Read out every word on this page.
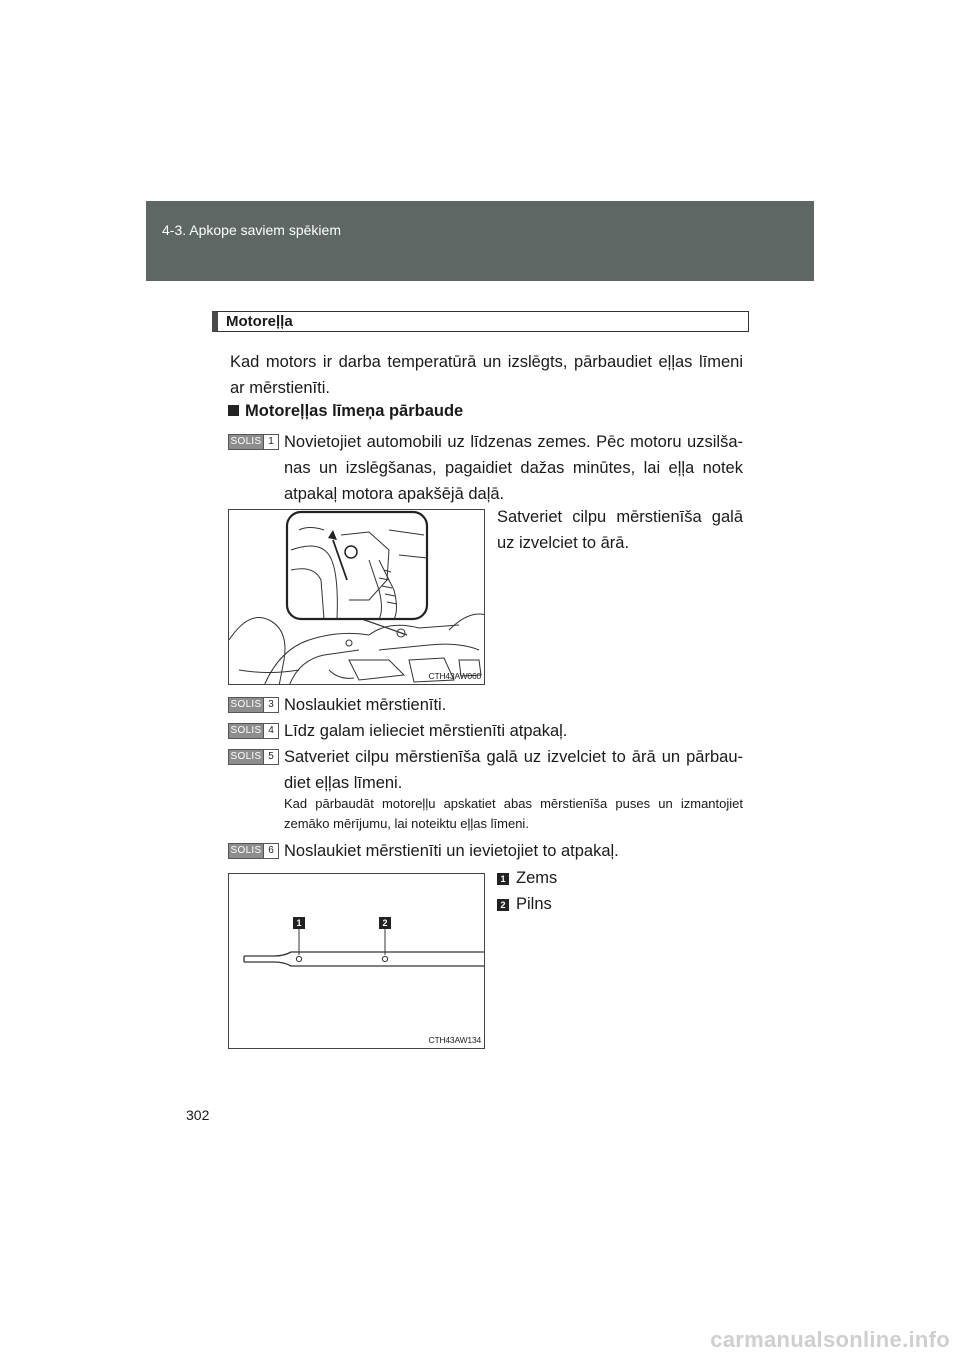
4-3. Apkope saviem spēkiem
Motoreļļa
Kad motors ir darba temperatūrā un izslēgts, pārbaudiet eļļas līmeni ar mērstienīti.
Motoreļļas līmeņa pārbaude
SOLIS 1 Novietojiet automobili uz līdzenas zemes. Pēc motoru uzsilšanas un izslēgšanas, pagaidiet dažas minūtes, lai eļļa notek atpakaļ motora apakšējā daļā.
CTH43AW060
Satveriet cilpu mērstienīša galā uz izvelciet to ārā.
SOLIS 3 Noslaukiet mērstienīti.
SOLIS 4 Līdz galam ielieciet mērstienīti atpakaļ.
SOLIS 5 Satveriet cilpu mērstienīša galā uz izvelciet to ārā un pārbaudiet eļļas līmeni.
Kad pārbaudāt motoreļļu apskatiet abas mērstienīša puses un izmantojiet zemāko mērījumu, lai noteiktu eļļas līmeni.
SOLIS 6 Noslaukiet mērstienīti un ievietojiet to atpakaļ.
1	2
CTH43AW134
1 Zems
2 Pilns
302
carmanualsonline.info
